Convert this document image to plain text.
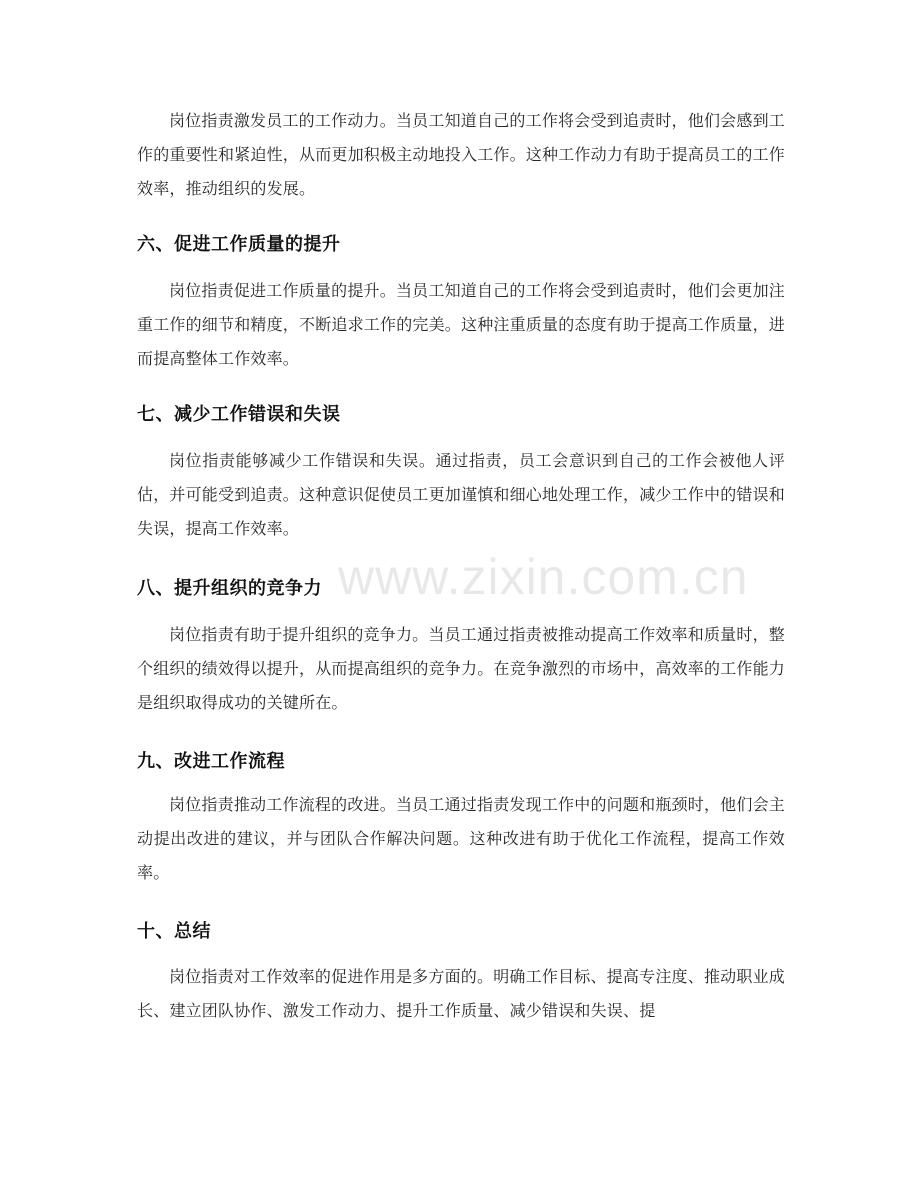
www.zixin.com.cn

岗位指责激发员工的工作动力。当员工知道自己的工作将会受到追责时，他们会感到工作的重要性和紧迫性，从而更加积极主动地投入工作。这种工作动力有助于提高员工的工作效率，推动组织的发展。

六、促进工作质量的提升

岗位指责促进工作质量的提升。当员工知道自己的工作将会受到追责时，他们会更加注重工作的细节和精度，不断追求工作的完美。这种注重质量的态度有助于提高工作质量，进而提高整体工作效率。

七、减少工作错误和失误

岗位指责能够减少工作错误和失误。通过指责，员工会意识到自己的工作会被他人评估，并可能受到追责。这种意识促使员工更加谨慎和细心地处理工作，减少工作中的错误和失误，提高工作效率。

八、提升组织的竞争力

岗位指责有助于提升组织的竞争力。当员工通过指责被推动提高工作效率和质量时，整个组织的绩效得以提升，从而提高组织的竞争力。在竞争激烈的市场中，高效率的工作能力是组织取得成功的关键所在。

九、改进工作流程

岗位指责推动工作流程的改进。当员工通过指责发现工作中的问题和瓶颈时，他们会主动提出改进的建议，并与团队合作解决问题。这种改进有助于优化工作流程，提高工作效率。

十、总结

岗位指责对工作效率的促进作用是多方面的。明确工作目标、提高专注度、推动职业成长、建立团队协作、激发工作动力、提升工作质量、减少错误和失误、提
